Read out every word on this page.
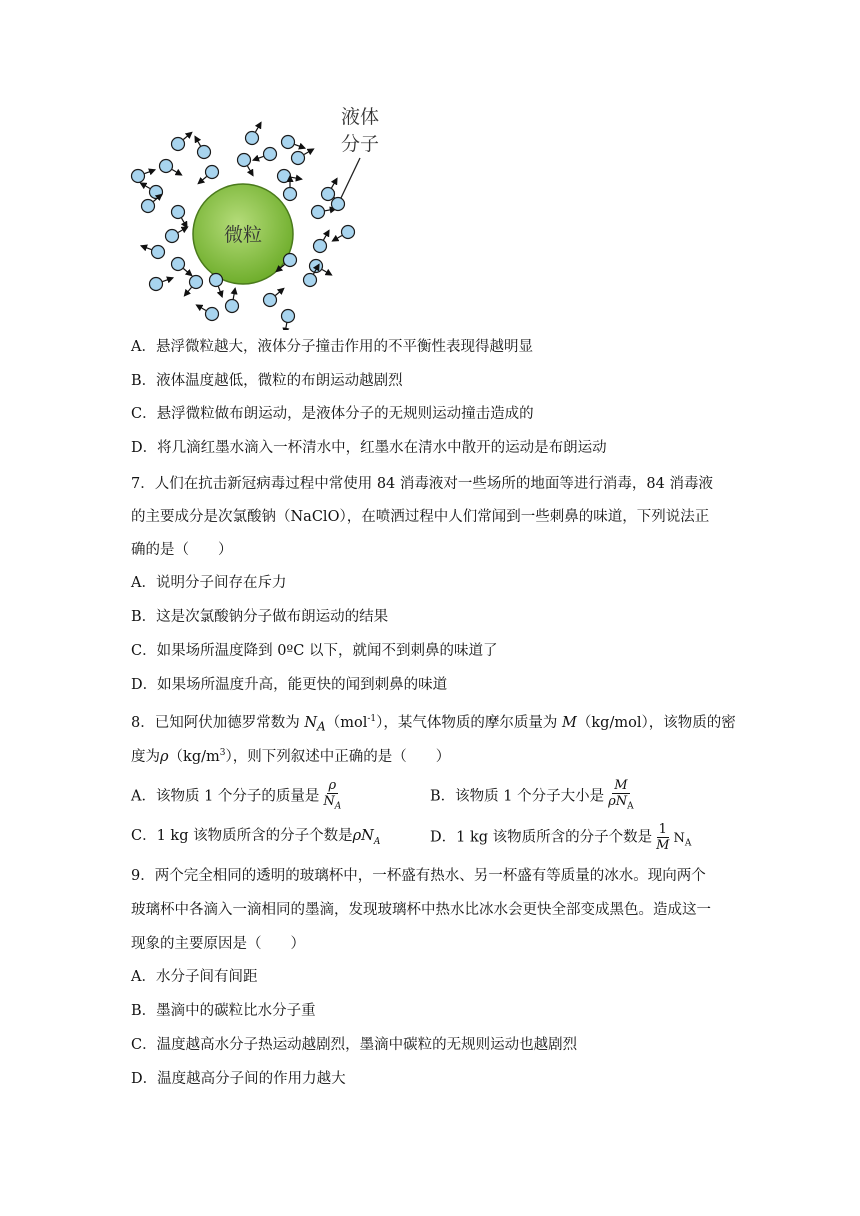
微粒
液体
分子
A．悬浮微粒越大，液体分子撞击作用的不平衡性表现得越明显
B．液体温度越低，微粒的布朗运动越剧烈
C．悬浮微粒做布朗运动，是液体分子的无规则运动撞击造成的
D．将几滴红墨水滴入一杯清水中，红墨水在清水中散开的运动是布朗运动
7．人们在抗击新冠病毒过程中常使用 84 消毒液对一些场所的地面等进行消毒，84 消毒液
的主要成分是次氯酸钠（NaClO），在喷洒过程中人们常闻到一些刺鼻的味道，下列说法正
确的是（　　）
A．说明分子间存在斥力
B．这是次氯酸钠分子做布朗运动的结果
C．如果场所温度降到 0ºC 以下，就闻不到刺鼻的味道了
D．如果场所温度升高，能更快的闻到刺鼻的味道
8．已知阿伏加德罗常数为 $N_A(mol^{-1})$，某气体物质的摩尔质量为 M（kg/mol），该物质的密
度为$\rho(kg/m^3)$，则下列叙述中正确的是（　　）
A．该物质 1 个分子的质量是 $\frac{\rho}{N_A}$	B．该物质 1 个分子大小是 $\frac{M}{\rho N_A}$
C．1 kg 该物质所含的分子个数是$\rho N_A$	D．1 kg 该物质所含的分子个数是 $\frac{1}{M} N_A$
9．两个完全相同的透明的玻璃杯中，一杯盛有热水、另一杯盛有等质量的冰水。现向两个
玻璃杯中各滴入一滴相同的墨滴，发现玻璃杯中热水比冰水会更快全部变成黑色。造成这一
现象的主要原因是（　　）
A．水分子间有间距
B．墨滴中的碳粒比水分子重
C．温度越高水分子热运动越剧烈，墨滴中碳粒的无规则运动也越剧烈
D．温度越高分子间的作用力越大
